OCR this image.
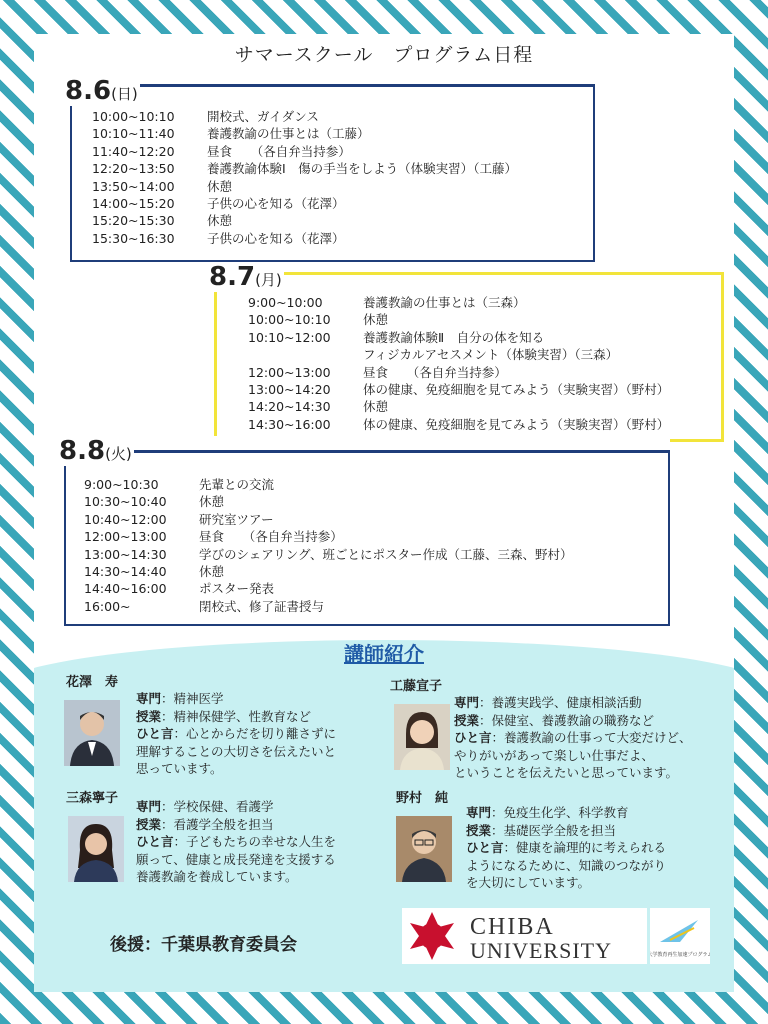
サマースクール　プログラム日程
8.6(日)
10:00~10:10	開校式、ガイダンス
10:10~11:40	養護教諭の仕事とは（工藤）
11:40~12:20	昼食　　（各自弁当持参）
12:20~13:50	養護教諭体験Ⅰ　傷の手当をしよう（体験実習）（工藤）
13:50~14:00	休憩
14:00~15:20	子供の心を知る（花澤）
15:20~15:30	休憩
15:30~16:30	子供の心を知る（花澤）
8.7(月)
9:00~10:00	養護教諭の仕事とは（三森）
10:00~10:10	休憩
10:10~12:00	養護教諭体験Ⅱ　自分の体を知る
フィジカルアセスメント（体験実習）（三森）
12:00~13:00	昼食　　（各自弁当持参）
13:00~14:20	体の健康、免疫細胞を見てみよう（実験実習）（野村）
14:20~14:30	休憩
14:30~16:00	体の健康、免疫細胞を見てみよう（実験実習）（野村）
8.8(火)
9:00~10:30	先輩との交流
10:30~10:40	休憩
10:40~12:00	研究室ツアー
12:00~13:00	昼食　　（各自弁当持参）
13:00~14:30	学びのシェアリング、班ごとにポスター作成（工藤、三森、野村）
14:30~14:40	休憩
14:40~16:00	ポスター発表
16:00~	閉校式、修了証書授与
講師紹介
花澤　寿

専門：精神医学

授業：精神保健学、性教育など

ひと言：心とからだを切り離さずに

理解することの大切さを伝えたいと

思っています。

工藤宣子

専門：養護実践学、健康相談活動

授業：保健室、養護教諭の職務など

ひと言：養護教諭の仕事って大変だけど、

やりがいがあって楽しい仕事だよ、

ということを伝えたいと思っています。

三森寧子

専門：学校保健、看護学

授業：看護学全般を担当

ひと言：子どもたちの幸せな人生を

願って、健康と成長発達を支援する

養護教諭を養成しています。

野村　純

専門：免疫生化学、科学教育

授業：基礎医学全般を担当

ひと言：健康を論理的に考えられる

ようになるために、知識のつながり

を大切にしています。

後援：千葉県教育委員会
CHIBA
UNIVERSITY	大学教育再生加速プログラム
